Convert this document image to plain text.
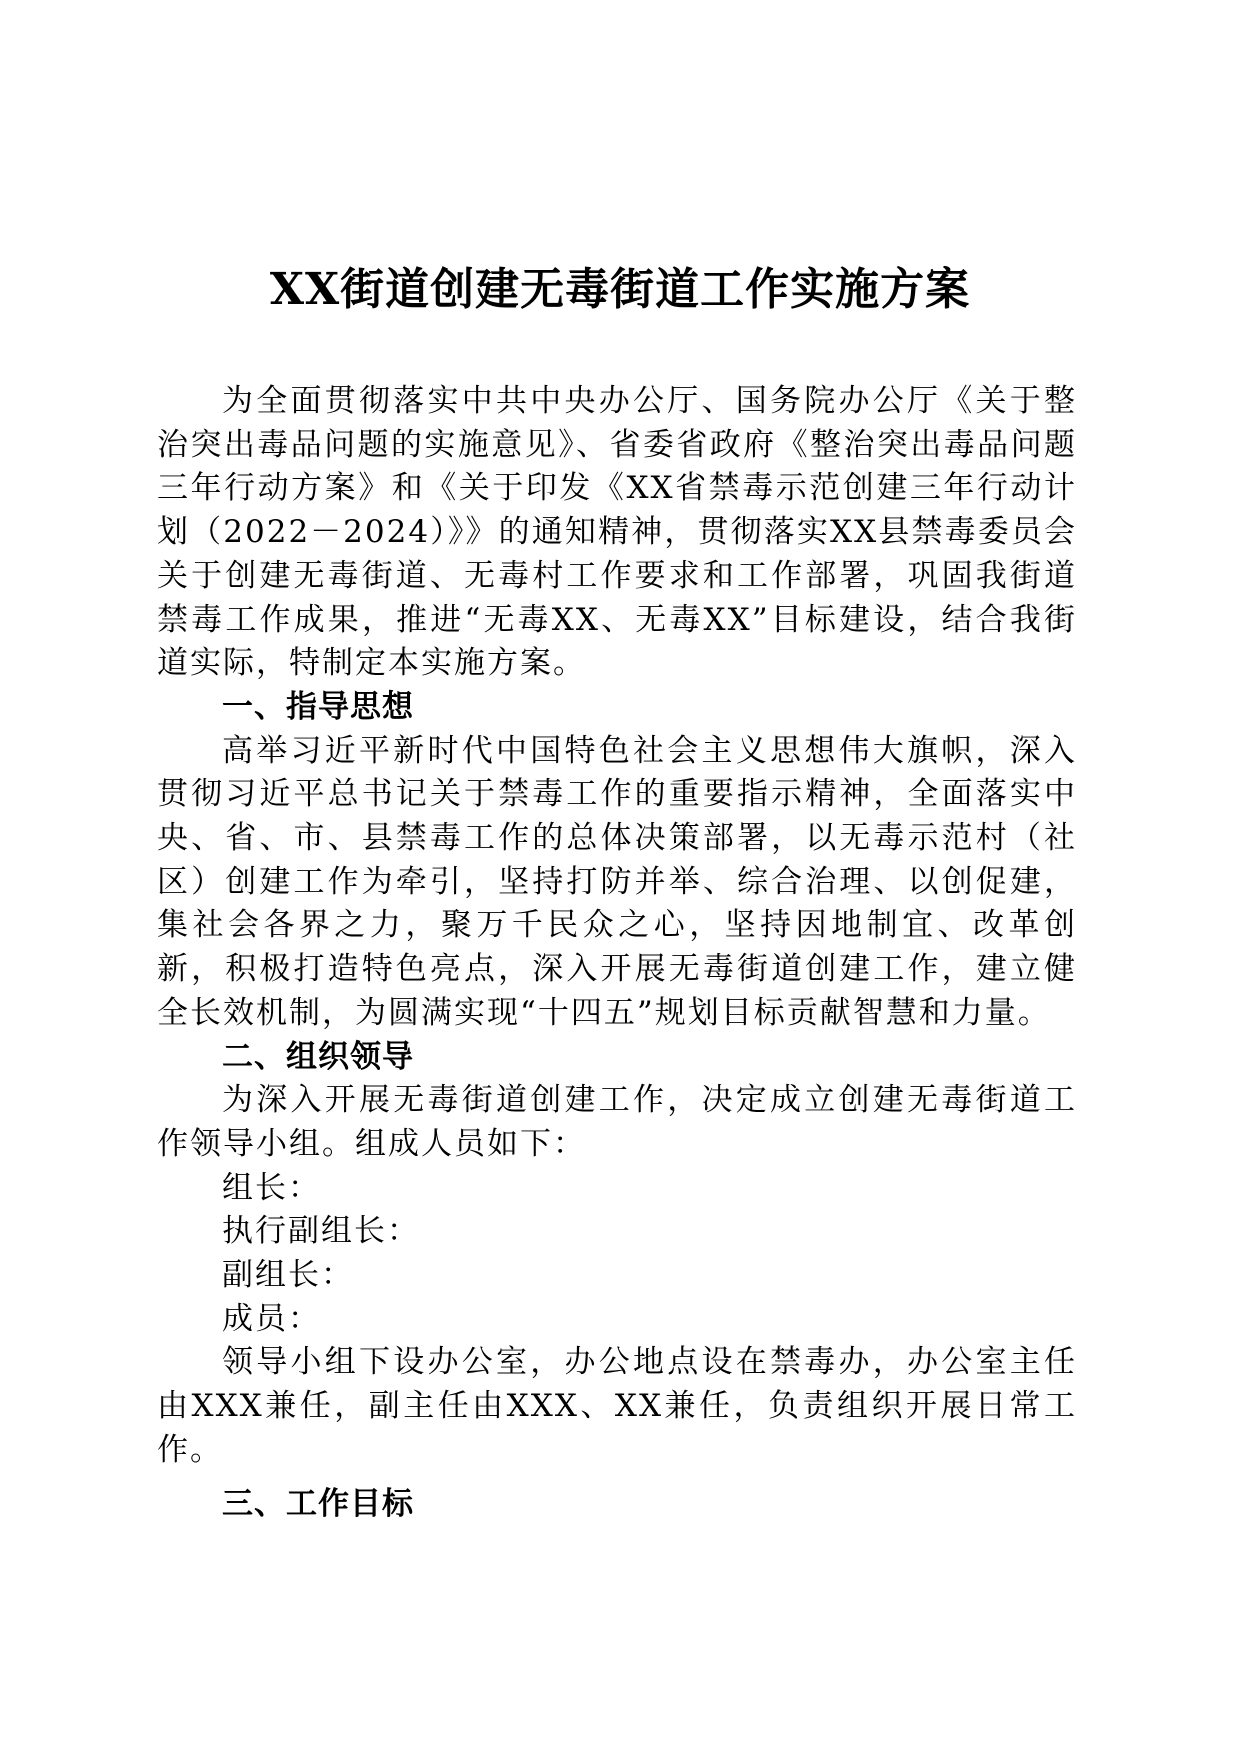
XX街道创建无毒街道工作实施方案

为全面贯彻落实中共中央办公厅、国务院办公厅《关于整治突出毒品问题的实施意见》、省委省政府《整治突出毒品问题三年行动方案》和《关于印发《XX省禁毒示范创建三年行动计划（2022－2024）》》的通知精神，贯彻落实XX县禁毒委员会关于创建无毒街道、无毒村工作要求和工作部署，巩固我街道禁毒工作成果，推进“无毒XX、无毒XX”目标建设，结合我街道实际，特制定本实施方案。

一、指导思想

高举习近平新时代中国特色社会主义思想伟大旗帜，深入贯彻习近平总书记关于禁毒工作的重要指示精神，全面落实中央、省、市、县禁毒工作的总体决策部署，以无毒示范村（社区）创建工作为牵引，坚持打防并举、综合治理、以创促建，集社会各界之力，聚万千民众之心，坚持因地制宜、改革创新，积极打造特色亮点，深入开展无毒街道创建工作，建立健全长效机制，为圆满实现“十四五”规划目标贡献智慧和力量。

二、组织领导

为深入开展无毒街道创建工作，决定成立创建无毒街道工作领导小组。组成人员如下：

组长：

执行副组长：

副组长：

成员：

领导小组下设办公室，办公地点设在禁毒办，办公室主任由XXX兼任，副主任由XXX、XX兼任，负责组织开展日常工作。

三、工作目标
